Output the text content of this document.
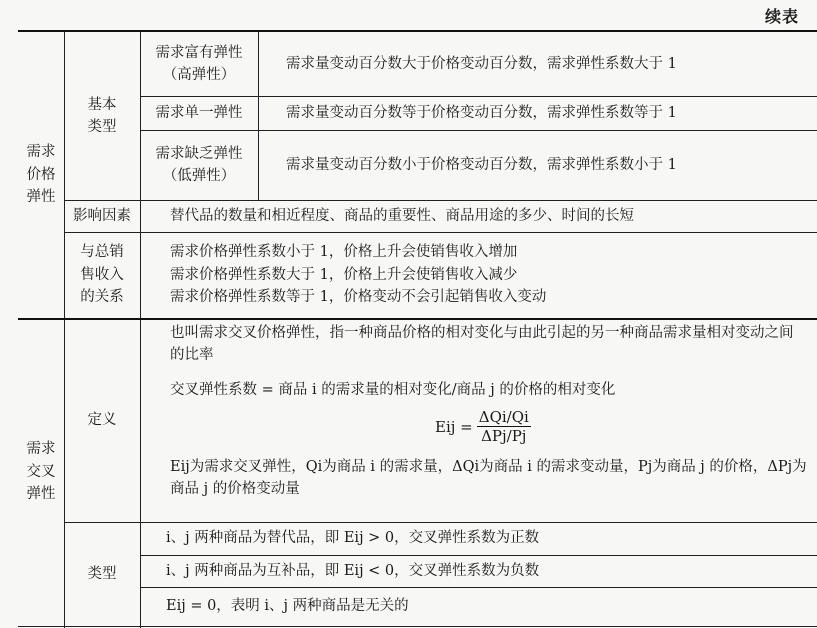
续表
需求价格弹性
基本类型
需求富有弹性（高弹性）
需求量变动百分数大于价格变动百分数，需求弹性系数大于 1
需求单一弹性	需求量变动百分数等于价格变动百分数，需求弹性系数等于 1
需求缺乏弹性（低弹性）
需求量变动百分数小于价格变动百分数，需求弹性系数小于 1
影响因素	替代品的数量和相近程度、商品的重要性、商品用途的多少、时间的长短
与总销售收入的关系
需求价格弹性系数小于 1，价格上升会使销售收入增加
需求价格弹性系数大于 1，价格上升会使销售收入减少
需求价格弹性系数等于 1，价格变动不会引起销售收入变动
需求交叉弹性
定义
也叫需求交叉价格弹性，指一种商品价格的相对变化与由此引起的另一种商品需求量相对变动之间的比率
交叉弹性系数 = 商品 i 的需求量的相对变化/商品 j 的价格的相对变化
Eij = $\frac{\text{ΔQi/Qi}}{\text{ΔPj/Pj}}$
Eij为需求交叉弹性，Qi为商品 i 的需求量，ΔQi为商品 i 的需求变动量，Pj为商品 j 的价格，ΔPj为商品 j 的价格变动量
类型
i、j 两种商品为替代品，即 Eij > 0，交叉弹性系数为正数
i、j 两种商品为互补品，即 Eij < 0，交叉弹性系数为负数
Eij = 0，表明 i、j 两种商品是无关的
